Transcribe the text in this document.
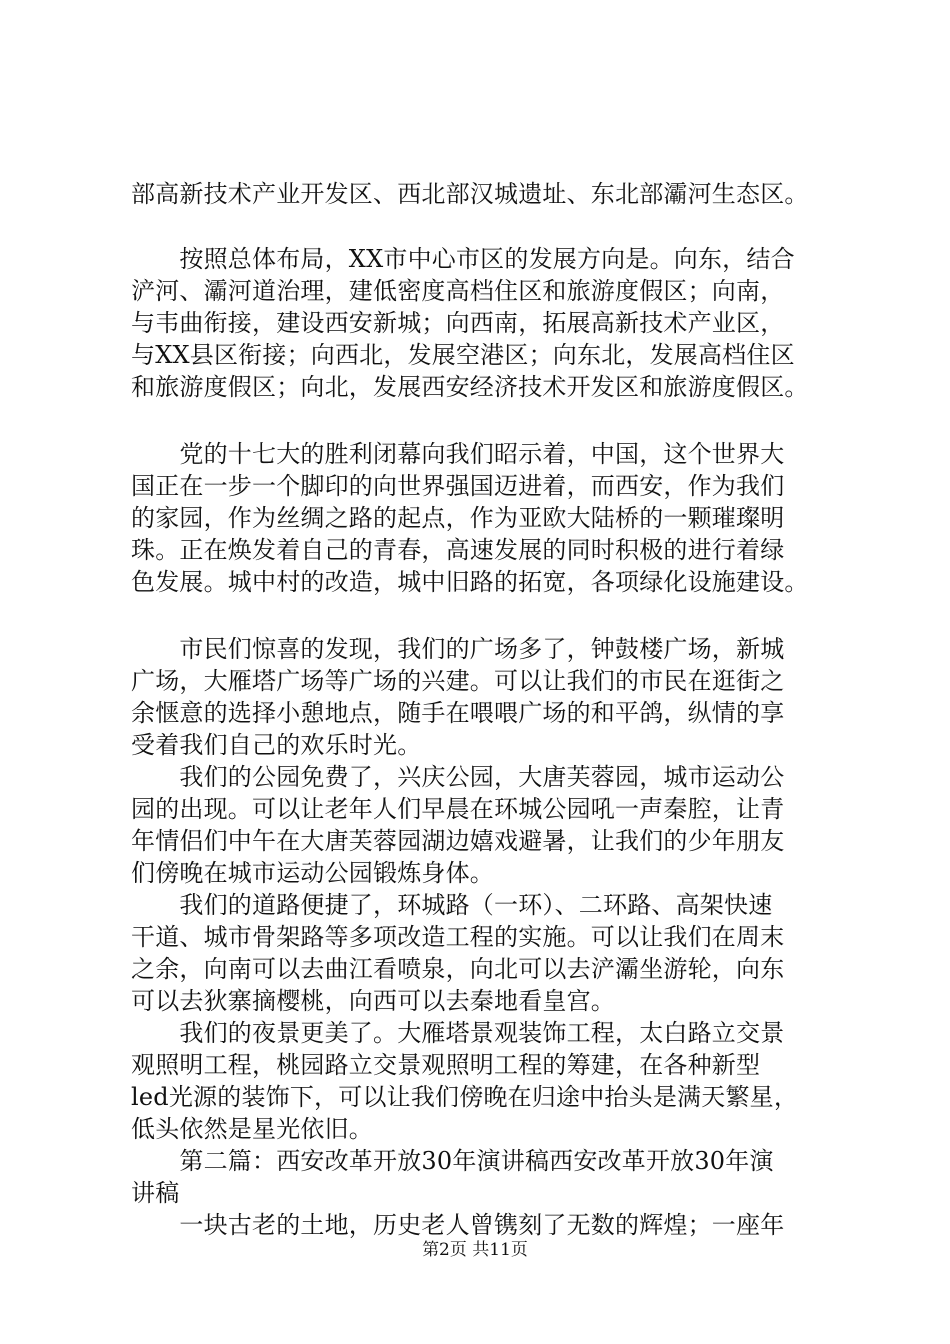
部高新技术产业开发区、西北部汉城遗址、东北部灞河生态区。
　　按照总体布局，XX市中心市区的发展方向是。向东，结合
浐河、灞河道治理，建低密度高档住区和旅游度假区；向南，
与韦曲衔接，建设西安新城；向西南，拓展高新技术产业区，
与XX县区衔接；向西北，发展空港区；向东北，发展高档住区
和旅游度假区；向北，发展西安经济技术开发区和旅游度假区。
　　党的十七大的胜利闭幕向我们昭示着，中国，这个世界大
国正在一步一个脚印的向世界强国迈进着，而西安，作为我们
的家园，作为丝绸之路的起点，作为亚欧大陆桥的一颗璀璨明
珠。正在焕发着自己的青春，高速发展的同时积极的进行着绿
色发展。城中村的改造，城中旧路的拓宽，各项绿化设施建设。
　　市民们惊喜的发现，我们的广场多了，钟鼓楼广场，新城
广场，大雁塔广场等广场的兴建。可以让我们的市民在逛街之
余惬意的选择小憩地点，随手在喂喂广场的和平鸽，纵情的享
受着我们自己的欢乐时光。
　　我们的公园免费了，兴庆公园，大唐芙蓉园，城市运动公
园的出现。可以让老年人们早晨在环城公园吼一声秦腔，让青
年情侣们中午在大唐芙蓉园湖边嬉戏避暑，让我们的少年朋友
们傍晚在城市运动公园锻炼身体。
　　我们的道路便捷了，环城路（一环）、二环路、高架快速
干道、城市骨架路等多项改造工程的实施。可以让我们在周末
之余，向南可以去曲江看喷泉，向北可以去浐灞坐游轮，向东
可以去狄寨摘樱桃，向西可以去秦地看皇宫。
　　我们的夜景更美了。大雁塔景观装饰工程，太白路立交景
观照明工程，桃园路立交景观照明工程的筹建，在各种新型
led光源的装饰下，可以让我们傍晚在归途中抬头是满天繁星，
低头依然是星光依旧。
　　第二篇：西安改革开放30年演讲稿西安改革开放30年演
讲稿
　　一块古老的土地，历史老人曾镌刻了无数的辉煌；一座年
第2页 共11页
